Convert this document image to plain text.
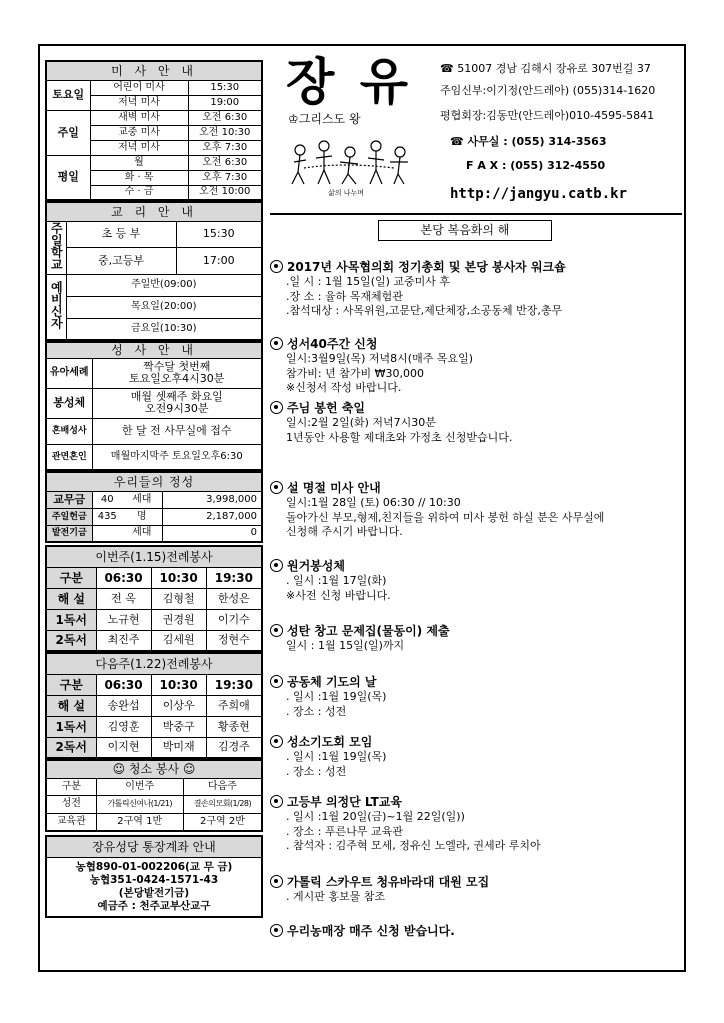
미 사 안 내		
토요일	어린이 미사	15:30
	저녁 미사	19:00
주일	새벽 미사	오전 6:30
	교중 미사	오전 10:30
	저녁 미사	오후 7:30
평일	월	오전 6:30
	화 · 목	오후 7:30
	수 · 금	오전 10:00
교 리 안 내		
주일학교	초 등 부	15:30
	중,고등부	17:00
예비신자	주일반(09:00)	
	목요일(20:00)	
	금요일(10:30)	
성 사 안 내	
유아세례	짝수달 첫번째
토요일오후4시30분
봉성체	매월 셋째주 화요일
오전9시30분
혼배성사	한 달 전 사무실에 접수
관면혼인	매월마지막주 토요일오후6:30
우리들의 정성			
교무금	40	세대	3,998,000
주일헌금	435	명	2,187,000
밭전기금		세대	0
이번주(1.15)전례봉사			
구분	06:30	10:30	19:30
해 설	전 옥	김형철	한성은
1독서	노규현	권경원	이기수
2독서	최진주	김세원	정현수
다음주(1.22)전례봉사			
구분	06:30	10:30	19:30
해 설	송완섭	이상우	주희애
1독서	김영훈	박중구	황종현
2독서	이지현	박미재	김경주
☺ 청소 봉사 ☺		
구분	이번주	다음주
성전	가톨릭신여나(1/21)	결손의모회(1/28)
교육관	2구역 1반	2구역 2반
장유성당 통장계좌 안내

농협890-01-002206(교 무 금)
농협351-0424-1571-43
(본당밭전기금)
예금주 : 천주교부산교구
장 유
♔그리스도 왕
삶의 나누며
☎ 51007 경남 김해시 장유로 307번길 37
주임신부:이기정(안드레아) (055)314-1620
평협회장:김동만(안드레아)010-4595-5841
☎ 사무실 : (055) 314-3563
F A X : (055) 312-4550
http://jangyu.catb.kr
본당 복음화의 해
2017년 사목협의회 정기총회 및 본당 봉사자 워크숍
.일 시 : 1월 15일(일) 교중미사 후
.장 소 : 율하 목재체험관
.참석대상 : 사목위원,고문단,제단체장,소공동체 반장,총무
성서40주간 신청
일시:3월9일(목) 저녁8시(매주 목요일)
참가비: 년 참가비 ₩30,000
※신청서 작성 바랍니다.
주님 봉헌 축일
일시:2월 2일(화) 저녁7시30분
1년동안 사용할 제대초와 가정초 신청받습니다.
설 명절 미사 안내
일시:1월 28일 (토) 06:30 // 10:30
돌아가신 부모,형제,친지들을 위하여 미사 봉헌 하실 분은 사무실에
신청해 주시기 바랍니다.
원거봉성체
. 일시 :1월 17일(화)
※사전 신청 바랍니다.
성탄 창고 문제집(물동이) 제출
일시 : 1월 15일(일)까지
공동체 기도의 날
. 일시 :1월 19일(목)
. 장소 : 성전
성소기도회 모임
. 일시 :1월 19일(목)
. 장소 : 성전
고등부 의정단 LT교육
. 일시 :1월 20일(금)~1월 22일(일))
. 장소 : 푸른나무 교육관
. 참석자 : 김주혁 모세, 정유신 노엘라, 권세라 루치아
가톨릭 스카우트 청유바라대 대원 모집
. 게시판 홍보물 참조
우리농매장 매주 신청 받습니다.
